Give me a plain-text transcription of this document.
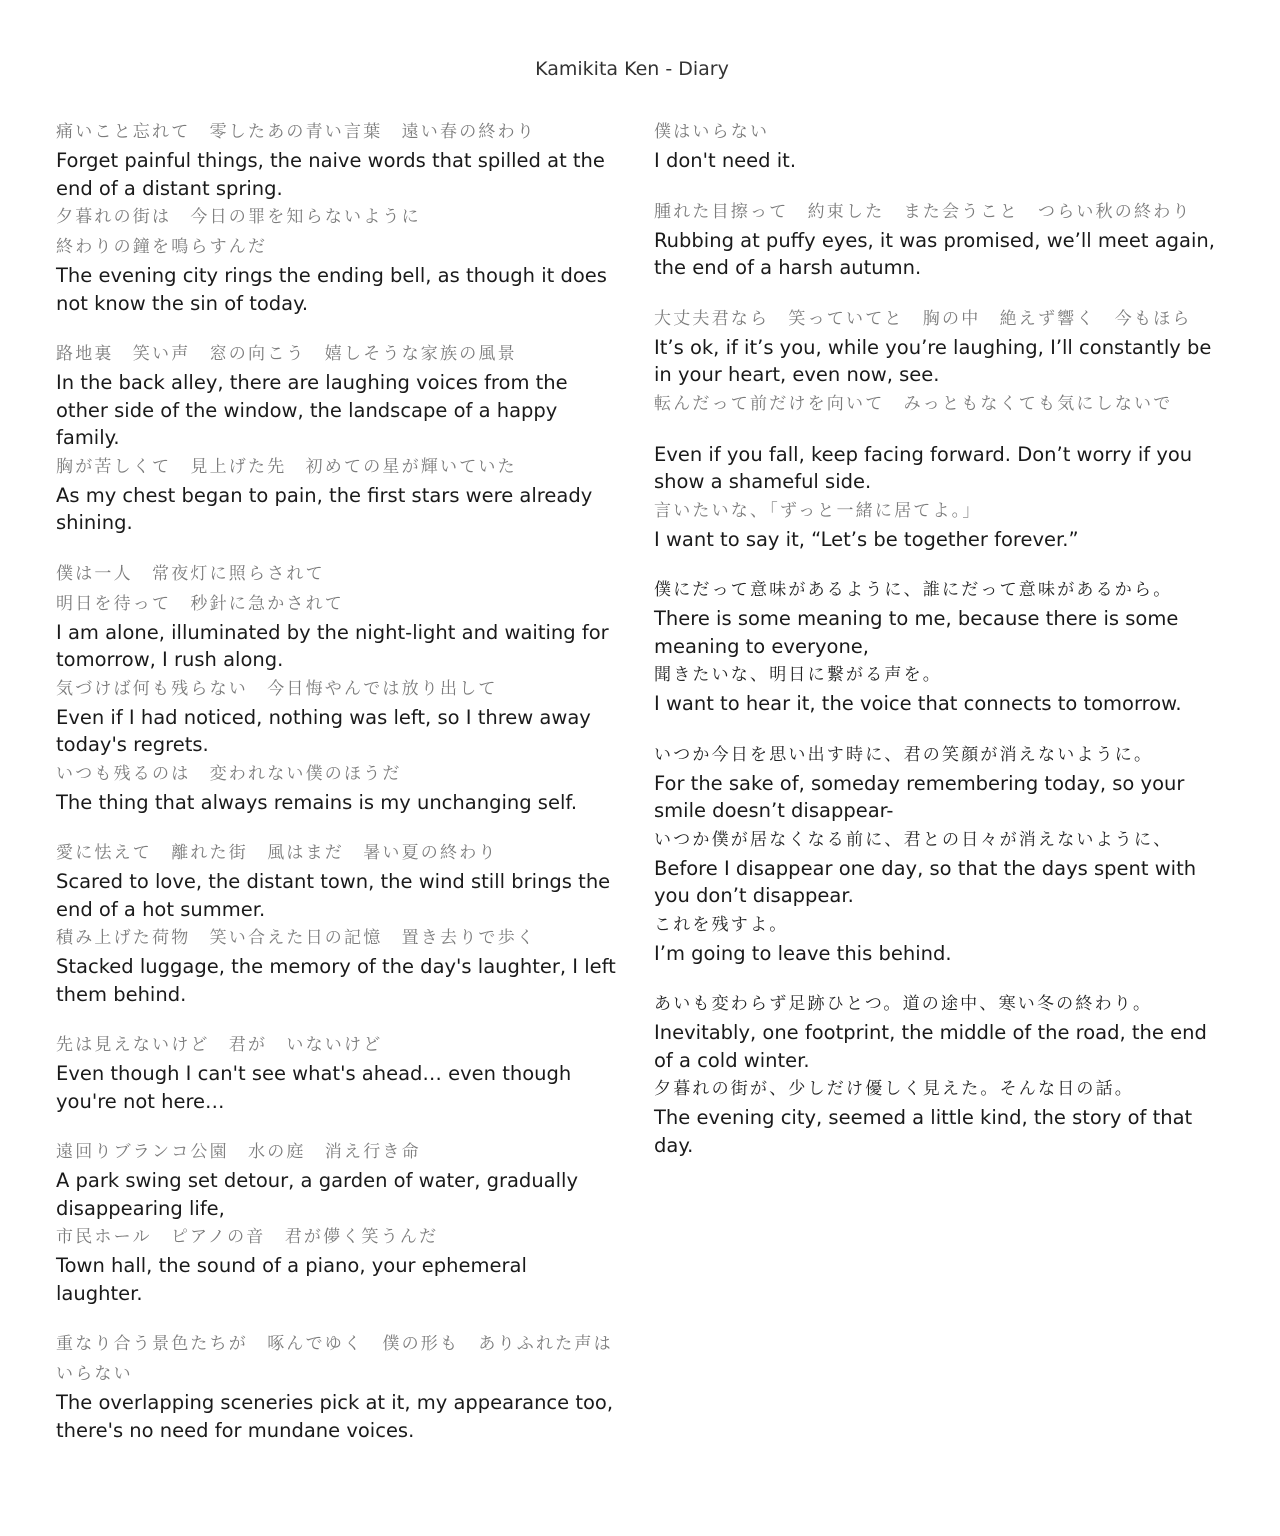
Kamikita Ken - Diary

痛いこと忘れて　零したあの青い言葉　遠い春の終わり

Forget painful things, the naive words that spilled at the end of a distant spring.

夕暮れの街は　今日の罪を知らないように

終わりの鐘を鳴らすんだ

The evening city rings the ending bell, as though it does not know the sin of today.

路地裏　笑い声　窓の向こう　嬉しそうな家族の風景

In the back alley, there are laughing voices from the other side of the window, the landscape of a happy family.

胸が苦しくて　見上げた先　初めての星が輝いていた

As my chest began to pain, the first stars were already shining.

僕は一人　常夜灯に照らされて

明日を待って　秒針に急かされて

I am alone, illuminated by the night-light and waiting for tomorrow, I rush along.

気づけば何も残らない　今日悔やんでは放り出して

Even if I had noticed, nothing was left, so I threw away today's regrets.

いつも残るのは　変われない僕のほうだ

The thing that always remains is my unchanging self.

愛に怯えて　離れた街　風はまだ　暑い夏の終わり

Scared to love, the distant town, the wind still brings the end of a hot summer.

積み上げた荷物　笑い合えた日の記憶　置き去りで歩く

Stacked luggage, the memory of the day's laughter, I left them behind.

先は見えないけど　君が　いないけど

Even though I can't see what's ahead… even though you're not here…

遠回りブランコ公園　水の庭　消え行き命

A park swing set detour, a garden of water, gradually disappearing life,

市民ホール　ピアノの音　君が儚く笑うんだ

Town hall, the sound of a piano, your ephemeral laughter.

重なり合う景色たちが　啄んでゆく　僕の形も　ありふれた声はいらない

The overlapping sceneries pick at it, my appearance too, there's no need for mundane voices.

僕はいらない

I don't need it.

腫れた目擦って　約束した　また会うこと　つらい秋の終わり

Rubbing at puffy eyes, it was promised, we’ll meet again, the end of a harsh autumn.

大丈夫君なら　笑っていてと　胸の中　絶えず響く　今もほら

It’s ok, if it’s you, while you’re laughing, I’ll constantly be in your heart, even now, see.

転んだって前だけを向いて　みっともなくても気にしないで

Even if you fall, keep facing forward. Don’t worry if you show a shameful side.

言いたいな、「ずっと一緒に居てよ。」

I want to say it, “Let’s be together forever.”

僕にだって意味があるように、誰にだって意味があるから。

There is some meaning to me, because there is some meaning to everyone,

聞きたいな、明日に繋がる声を。

I want to hear it, the voice that connects to tomorrow.

いつか今日を思い出す時に、君の笑顔が消えないように。

For the sake of, someday remembering today, so your smile doesn’t disappear-

いつか僕が居なくなる前に、君との日々が消えないように、

Before I disappear one day, so that the days spent with you don’t disappear.

これを残すよ。

I’m going to leave this behind.

あいも変わらず足跡ひとつ。道の途中、寒い冬の終わり。

Inevitably, one footprint, the middle of the road, the end of a cold winter.

夕暮れの街が、少しだけ優しく見えた。そんな日の話。

The evening city, seemed a little kind, the story of that day.
